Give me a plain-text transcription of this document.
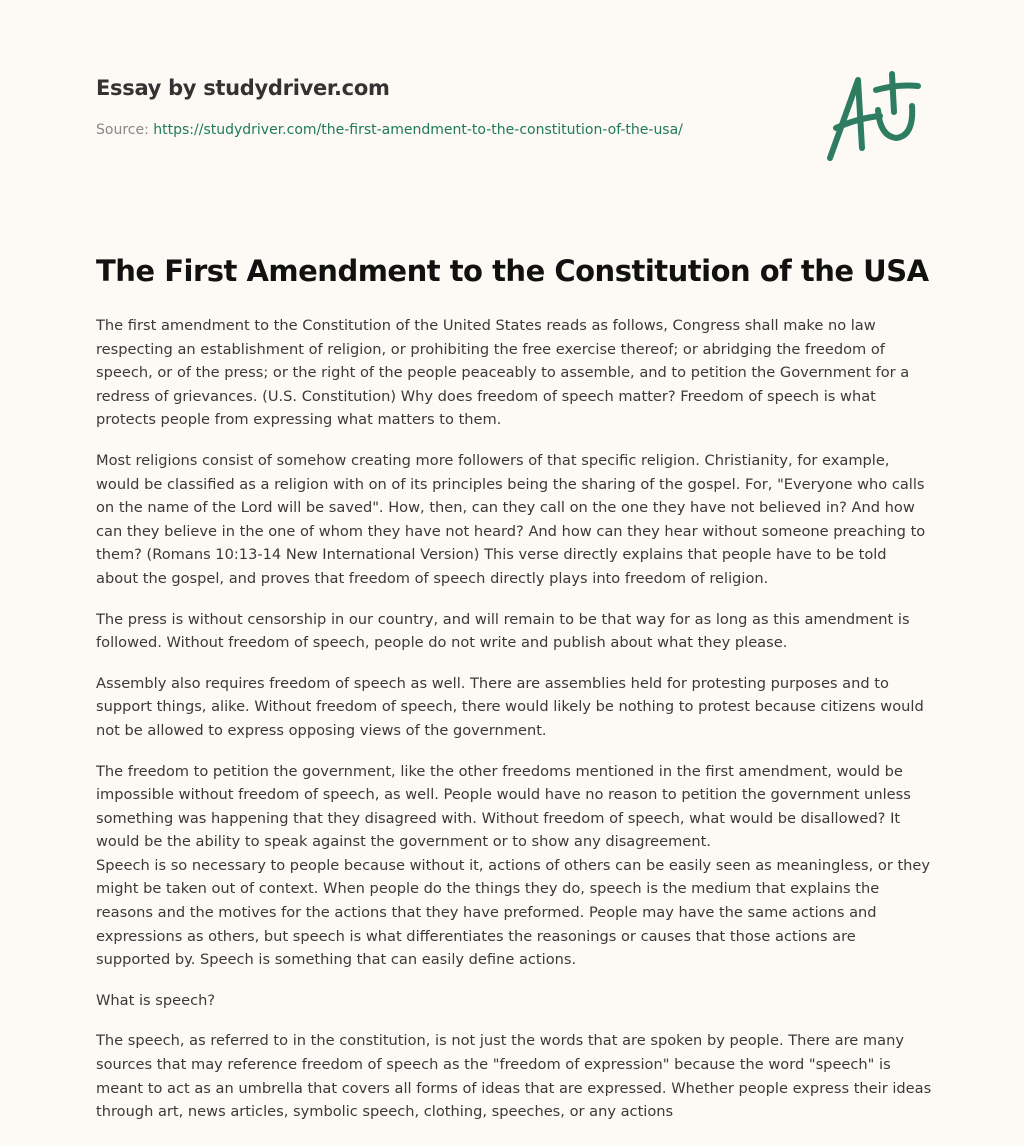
Essay by studydriver.com
Source: https://studydriver.com/the-first-amendment-to-the-constitution-of-the-usa/
The First Amendment to the Constitution of the USA

The first amendment to the Constitution of the United States reads as follows, Congress shall make no law respecting an establishment of religion, or prohibiting the free exercise thereof; or abridging the freedom of speech, or of the press; or the right of the people peaceably to assemble, and to petition the Government for a redress of grievances. (U.S. Constitution) Why does freedom of speech matter? Freedom of speech is what protects people from expressing what matters to them.

Most religions consist of somehow creating more followers of that specific religion. Christianity, for example, would be classified as a religion with on of its principles being the sharing of the gospel. For, "Everyone who calls on the name of the Lord will be saved". How, then, can they call on the one they have not believed in? And how can they believe in the one of whom they have not heard? And how can they hear without someone preaching to them? (Romans 10:13-14 New International Version) This verse directly explains that people have to be told about the gospel, and proves that freedom of speech directly plays into freedom of religion.

The press is without censorship in our country, and will remain to be that way for as long as this amendment is followed. Without freedom of speech, people do not write and publish about what they please.

Assembly also requires freedom of speech as well. There are assemblies held for protesting purposes and to support things, alike. Without freedom of speech, there would likely be nothing to protest because citizens would not be allowed to express opposing views of the government.

The freedom to petition the government, like the other freedoms mentioned in the first amendment, would be impossible without freedom of speech, as well. People would have no reason to petition the government unless something was happening that they disagreed with. Without freedom of speech, what would be disallowed? It would be the ability to speak against the government or to show any disagreement.

Speech is so necessary to people because without it, actions of others can be easily seen as meaningless, or they might be taken out of context. When people do the things they do, speech is the medium that explains the reasons and the motives for the actions that they have preformed. People may have the same actions and expressions as others, but speech is what differentiates the reasonings or causes that those actions are supported by. Speech is something that can easily define actions.

What is speech?

The speech, as referred to in the constitution, is not just the words that are spoken by people. There are many sources that may reference freedom of speech as the "freedom of expression" because the word "speech" is meant to act as an umbrella that covers all forms of ideas that are expressed. Whether people express their ideas through art, news articles, symbolic speech, clothing, speeches, or any actions
